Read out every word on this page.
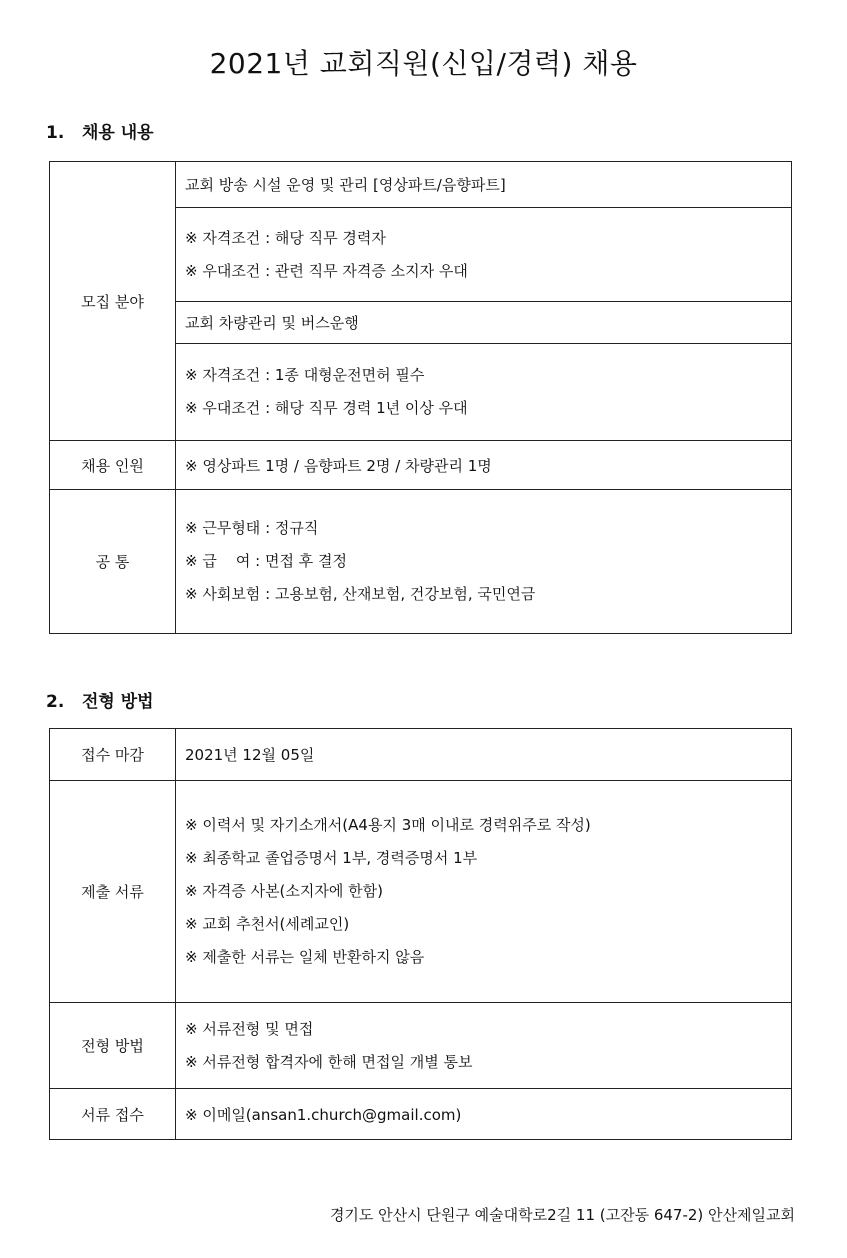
2021년 교회직원(신입/경력) 채용
1. 채용 내용
모집 분야	교회 방송 시설 운영 및 관리 [영상파트/음향파트]

	※ 자격조건 : 해당 직무 경력자
※ 우대조건 : 관련 직무 자격증 소지자 우대

	교회 차량관리 및 버스운행

	※ 자격조건 : 1종 대형운전면허 필수
※ 우대조건 : 해당 직무 경력 1년 이상 우대

채용 인원	※ 영상파트 1명 / 음향파트 2명 / 차량관리 1명
공 통	※ 근무형태 : 정규직
※ 급    여 : 면접 후 결정
※ 사회보험 : 고용보험, 산재보험, 건강보험, 국민연금
2. 전형 방법
접수 마감	2021년 12월 05일
제출 서류	※ 이력서 및 자기소개서(A4용지 3매 이내로 경력위주로 작성)
※ 최종학교 졸업증명서 1부, 경력증명서 1부
※ 자격증 사본(소지자에 한함)
※ 교회 추천서(세례교인)
※ 제출한 서류는 일체 반환하지 않음

전형 방법	※ 서류전형 및 면접
※ 서류전형 합격자에 한해 면접일 개별 통보

서류 접수	※ 이메일(ansan1.church@gmail.com)
경기도 안산시 단원구 예술대학로2길 11 (고잔동 647-2) 안산제일교회
